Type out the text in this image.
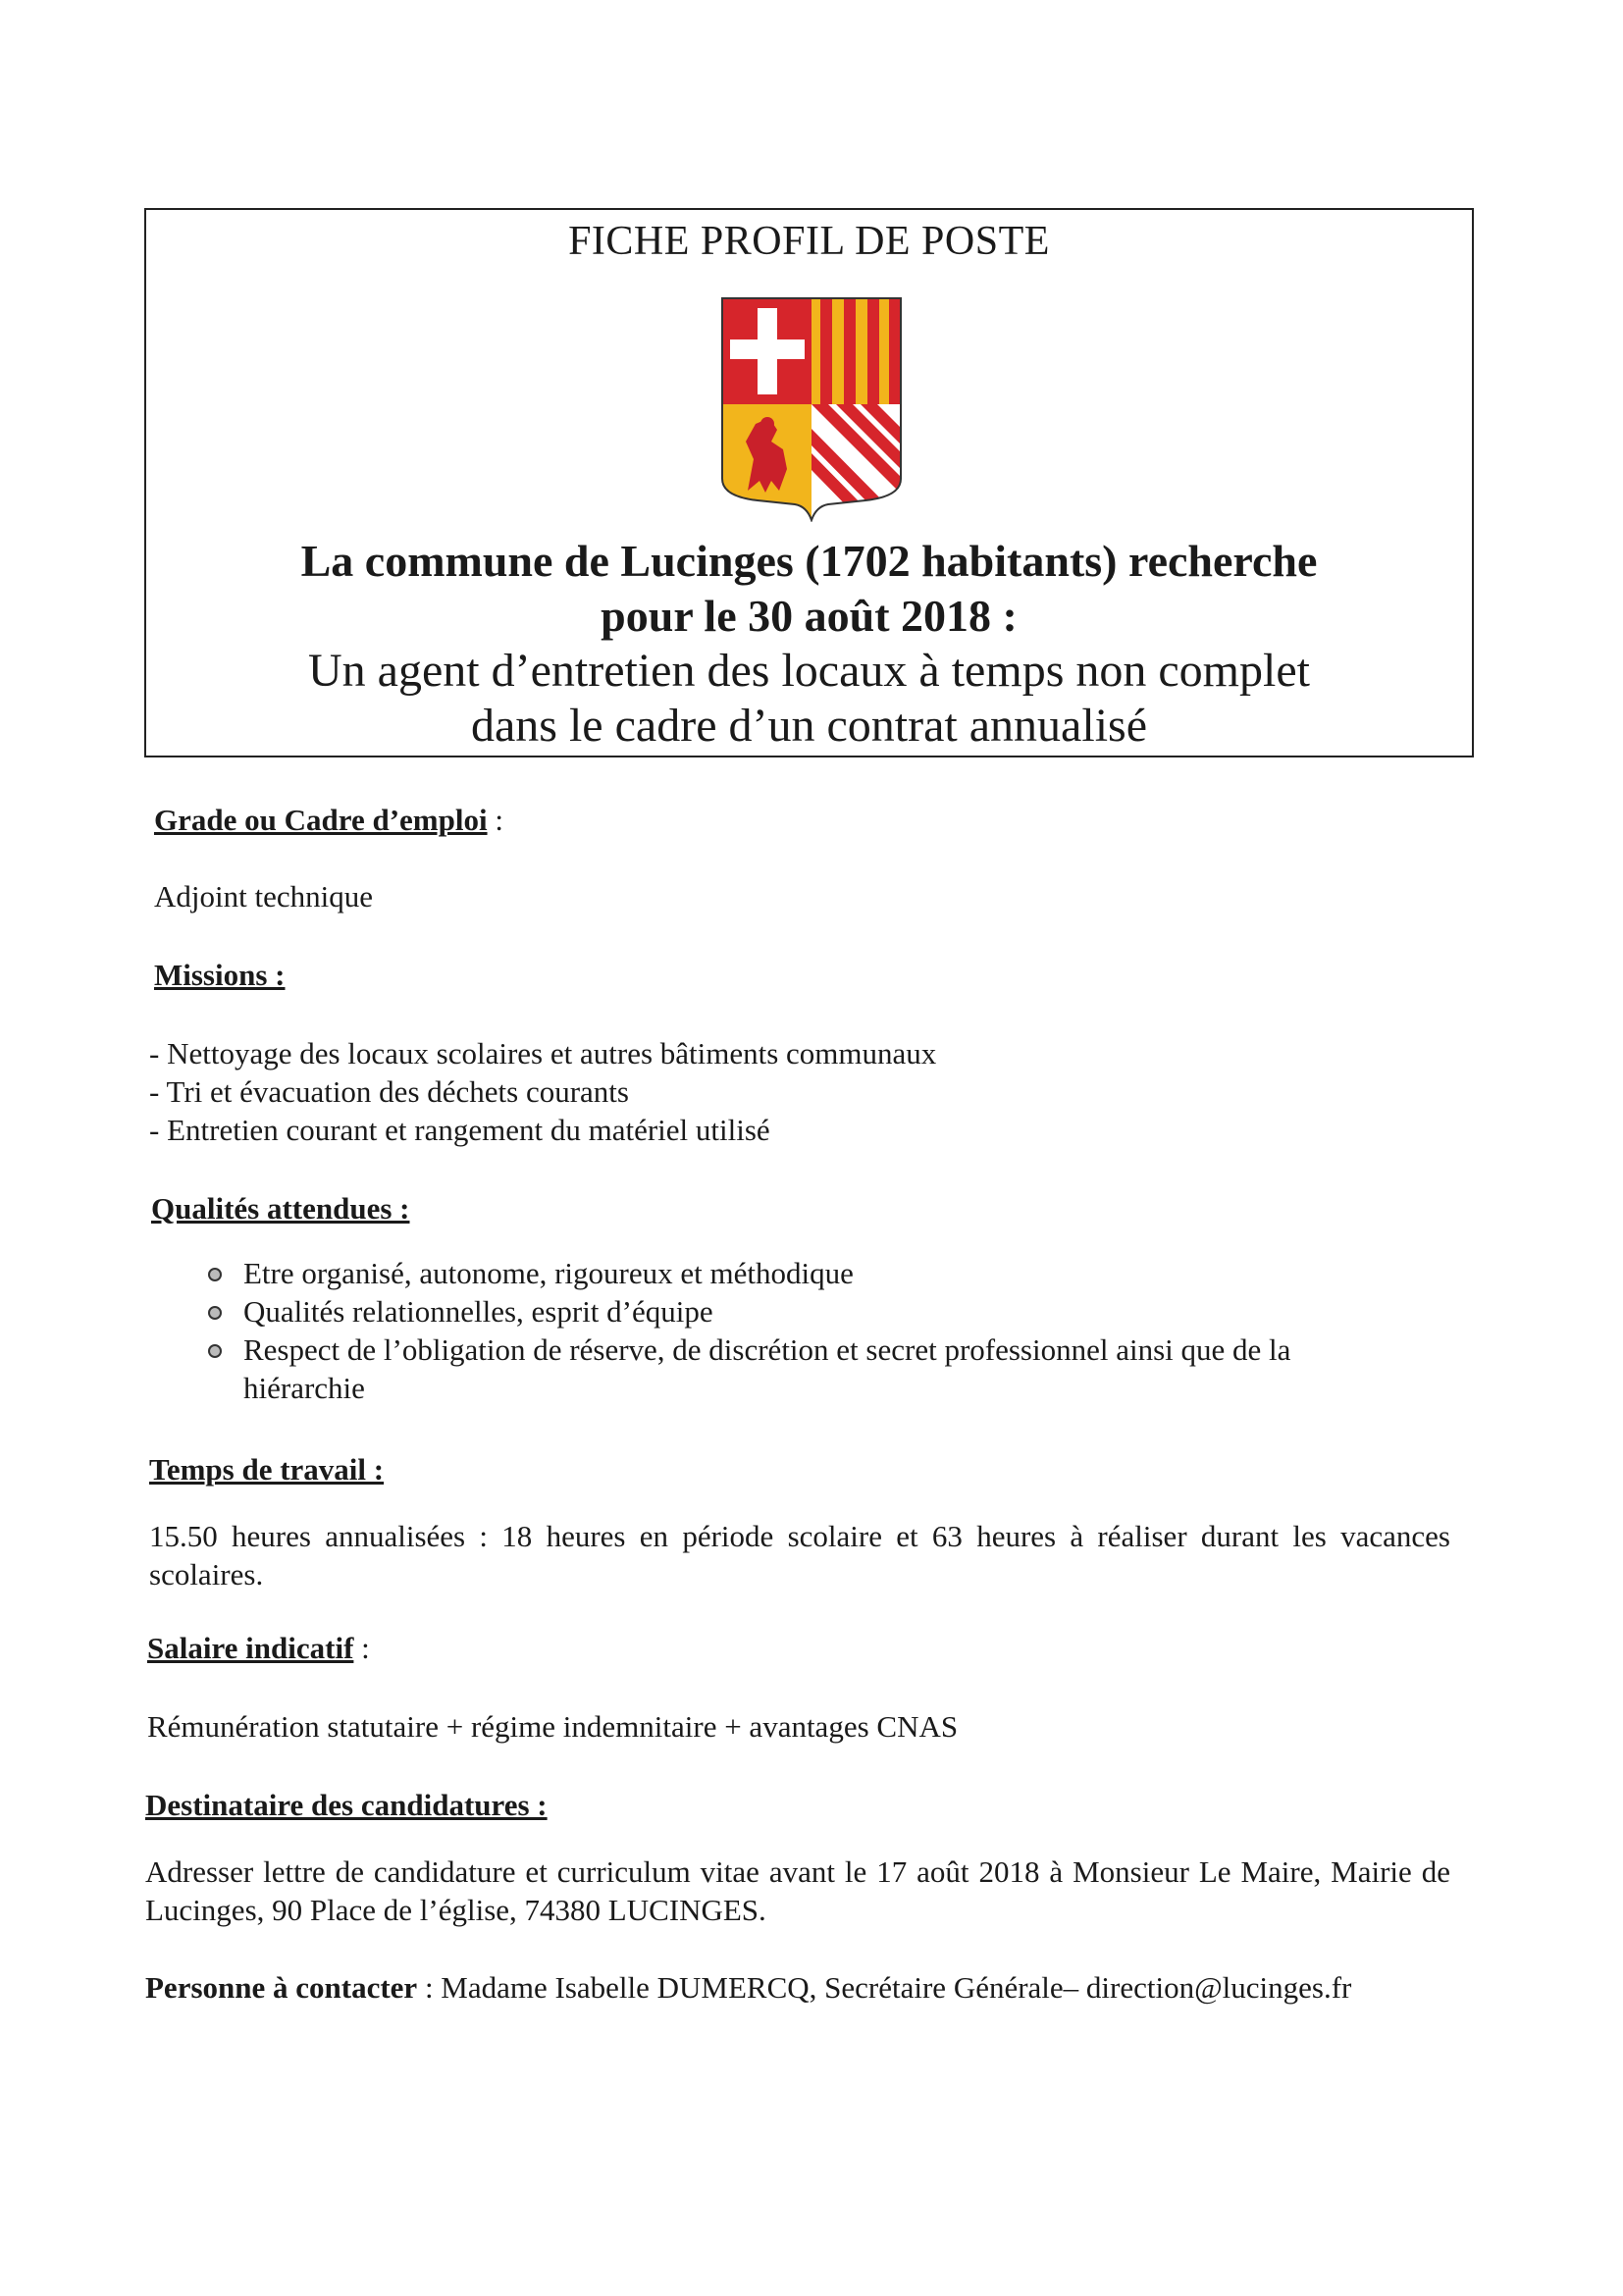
FICHE PROFIL DE POSTE
La commune de Lucinges (1702 habitants) recherche
pour le 30 août 2018 :
Un agent d’entretien des locaux à temps non complet
dans le cadre d’un contrat annualisé
Grade ou Cadre d’emploi :
Adjoint technique
Missions :
- Nettoyage des locaux scolaires et autres bâtiments communaux
- Tri et évacuation des déchets courants
- Entretien courant et rangement du matériel utilisé
Qualités attendues :
Etre organisé, autonome, rigoureux et méthodique
Qualités relationnelles, esprit d’équipe
Respect de l’obligation de réserve, de discrétion et secret professionnel ainsi que de la hiérarchie
Temps de travail :
15.50 heures annualisées : 18 heures en période scolaire et 63 heures à réaliser durant les vacances scolaires.
Salaire indicatif :
Rémunération statutaire + régime indemnitaire + avantages CNAS
Destinataire des candidatures :
Adresser lettre de candidature et curriculum vitae avant le 17 août 2018 à Monsieur Le Maire, Mairie de Lucinges, 90 Place de l’église, 74380 LUCINGES.
Personne à contacter : Madame Isabelle DUMERCQ, Secrétaire Générale– direction@lucinges.fr
